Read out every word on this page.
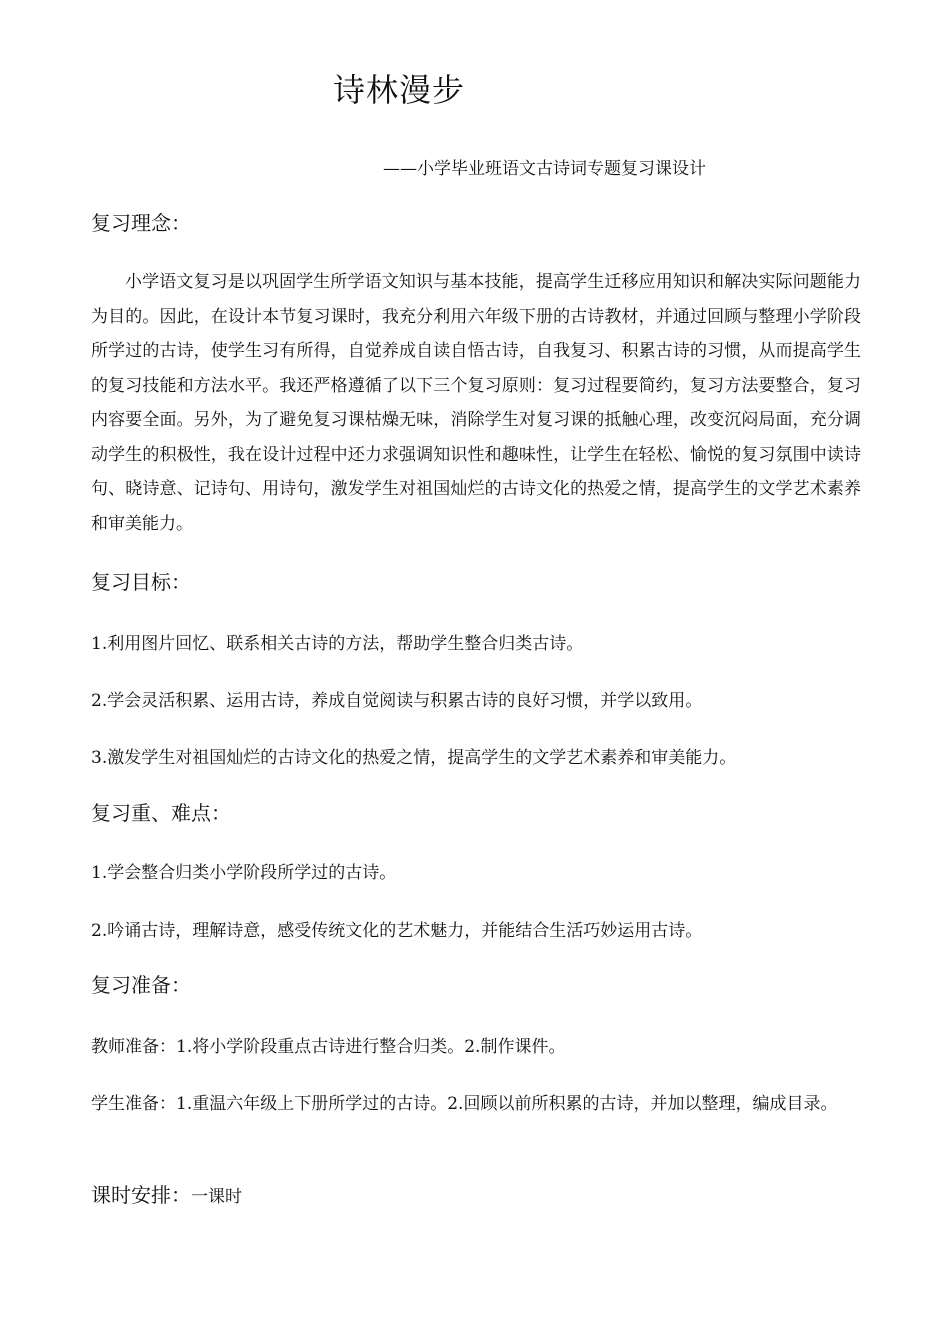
诗林漫步
——小学毕业班语文古诗词专题复习课设计
复习理念：

小学语文复习是以巩固学生所学语文知识与基本技能，提高学生迁移应用知识和解决实际问题能力为目的。因此，在设计本节复习课时，我充分利用六年级下册的古诗教材，并通过回顾与整理小学阶段所学过的古诗，使学生习有所得，自觉养成自读自悟古诗，自我复习、积累古诗的习惯，从而提高学生的复习技能和方法水平。我还严格遵循了以下三个复习原则：复习过程要简约，复习方法要整合，复习内容要全面。另外，为了避免复习课枯燥无味，消除学生对复习课的抵触心理，改变沉闷局面，充分调动学生的积极性，我在设计过程中还力求强调知识性和趣味性，让学生在轻松、愉悦的复习氛围中读诗句、晓诗意、记诗句、用诗句，激发学生对祖国灿烂的古诗文化的热爱之情，提高学生的文学艺术素养和审美能力。

复习目标：
1.利用图片回忆、联系相关古诗的方法，帮助学生整合归类古诗。
2.学会灵活积累、运用古诗，养成自觉阅读与积累古诗的良好习惯，并学以致用。
3.激发学生对祖国灿烂的古诗文化的热爱之情，提高学生的文学艺术素养和审美能力。
复习重、难点：
1.学会整合归类小学阶段所学过的古诗。
2.吟诵古诗，理解诗意，感受传统文化的艺术魅力，并能结合生活巧妙运用古诗。
复习准备：
教师准备：1.将小学阶段重点古诗进行整合归类。2.制作课件。

学生准备：1.重温六年级上下册所学过的古诗。2.回顾以前所积累的古诗，并加以整理，编成目录。

课时安排：一课时
